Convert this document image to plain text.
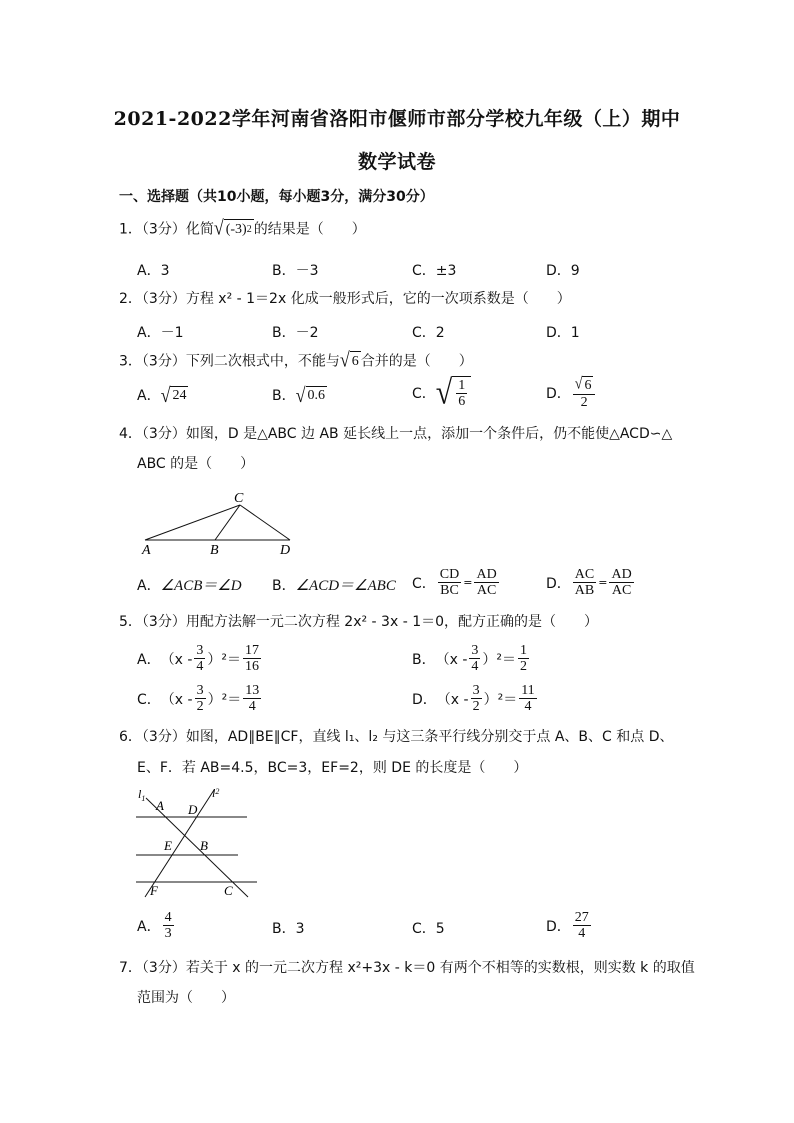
2021-2022学年河南省洛阳市偃师市部分学校九年级（上）期中
数学试卷
一、选择题（共10小题，每小题3分，满分30分）
1．（3分）化简 √ (-3) 2 的结果是（　　）
A．3	B．－3	C．±3	D．9
2．（3分）方程 x² - 1＝2x 化成一般形式后，它的一次项系数是（　　）
A．－1	B．－2	C．2	D．1
3．（3分）下列二次根式中，不能与 √ 6 合并的是（　　）
A． √ 24	B． √ 0.6	C． √ $\frac{1}{6}$	D． $\frac{√ 6}{2}$
4．（3分）如图，D 是△ABC 边 AB 延长线上一点，添加一个条件后，仍不能使△ACD∽△
ABC 的是（　　）
C
A	B	D
A． ∠ACB＝∠D B． ∠ACD＝∠ABC C． $\frac{CD}{BC} = \frac{AD}{AC}$	D． $\frac{AC}{AB} = \frac{AD}{AC}$
5．（3分）用配方法解一元二次方程 2x² - 3x - 1＝0，配方正确的是（　　）
A． $(x - \frac{3}{4} )^2= \frac{17}{16}$	B． $(x - \frac{3}{4} )^2= \frac{1}{2}$
C． $(x - \frac{3}{2} )^2= \frac{13}{4}$	D． $(x - \frac{3}{2} )^2= \frac{11}{4}$
6．（3分）如图，AD∥BE∥CF，直线 l₁、l₂ 与这三条平行线分别交于点 A、B、C 和点 D、
E、F．若 AB=4.5，BC=3，EF=2，则 DE 的长度是（　　）
$l_1$	$l^2$
A D
E B
F	C
A． $\frac{4}{3}$	B．3	C．5	D． $\frac{27}{4}$
7．（3分）若关于 x 的一元二次方程 x²+3x - k＝0 有两个不相等的实数根，则实数 k 的取值
范围为（　　）
